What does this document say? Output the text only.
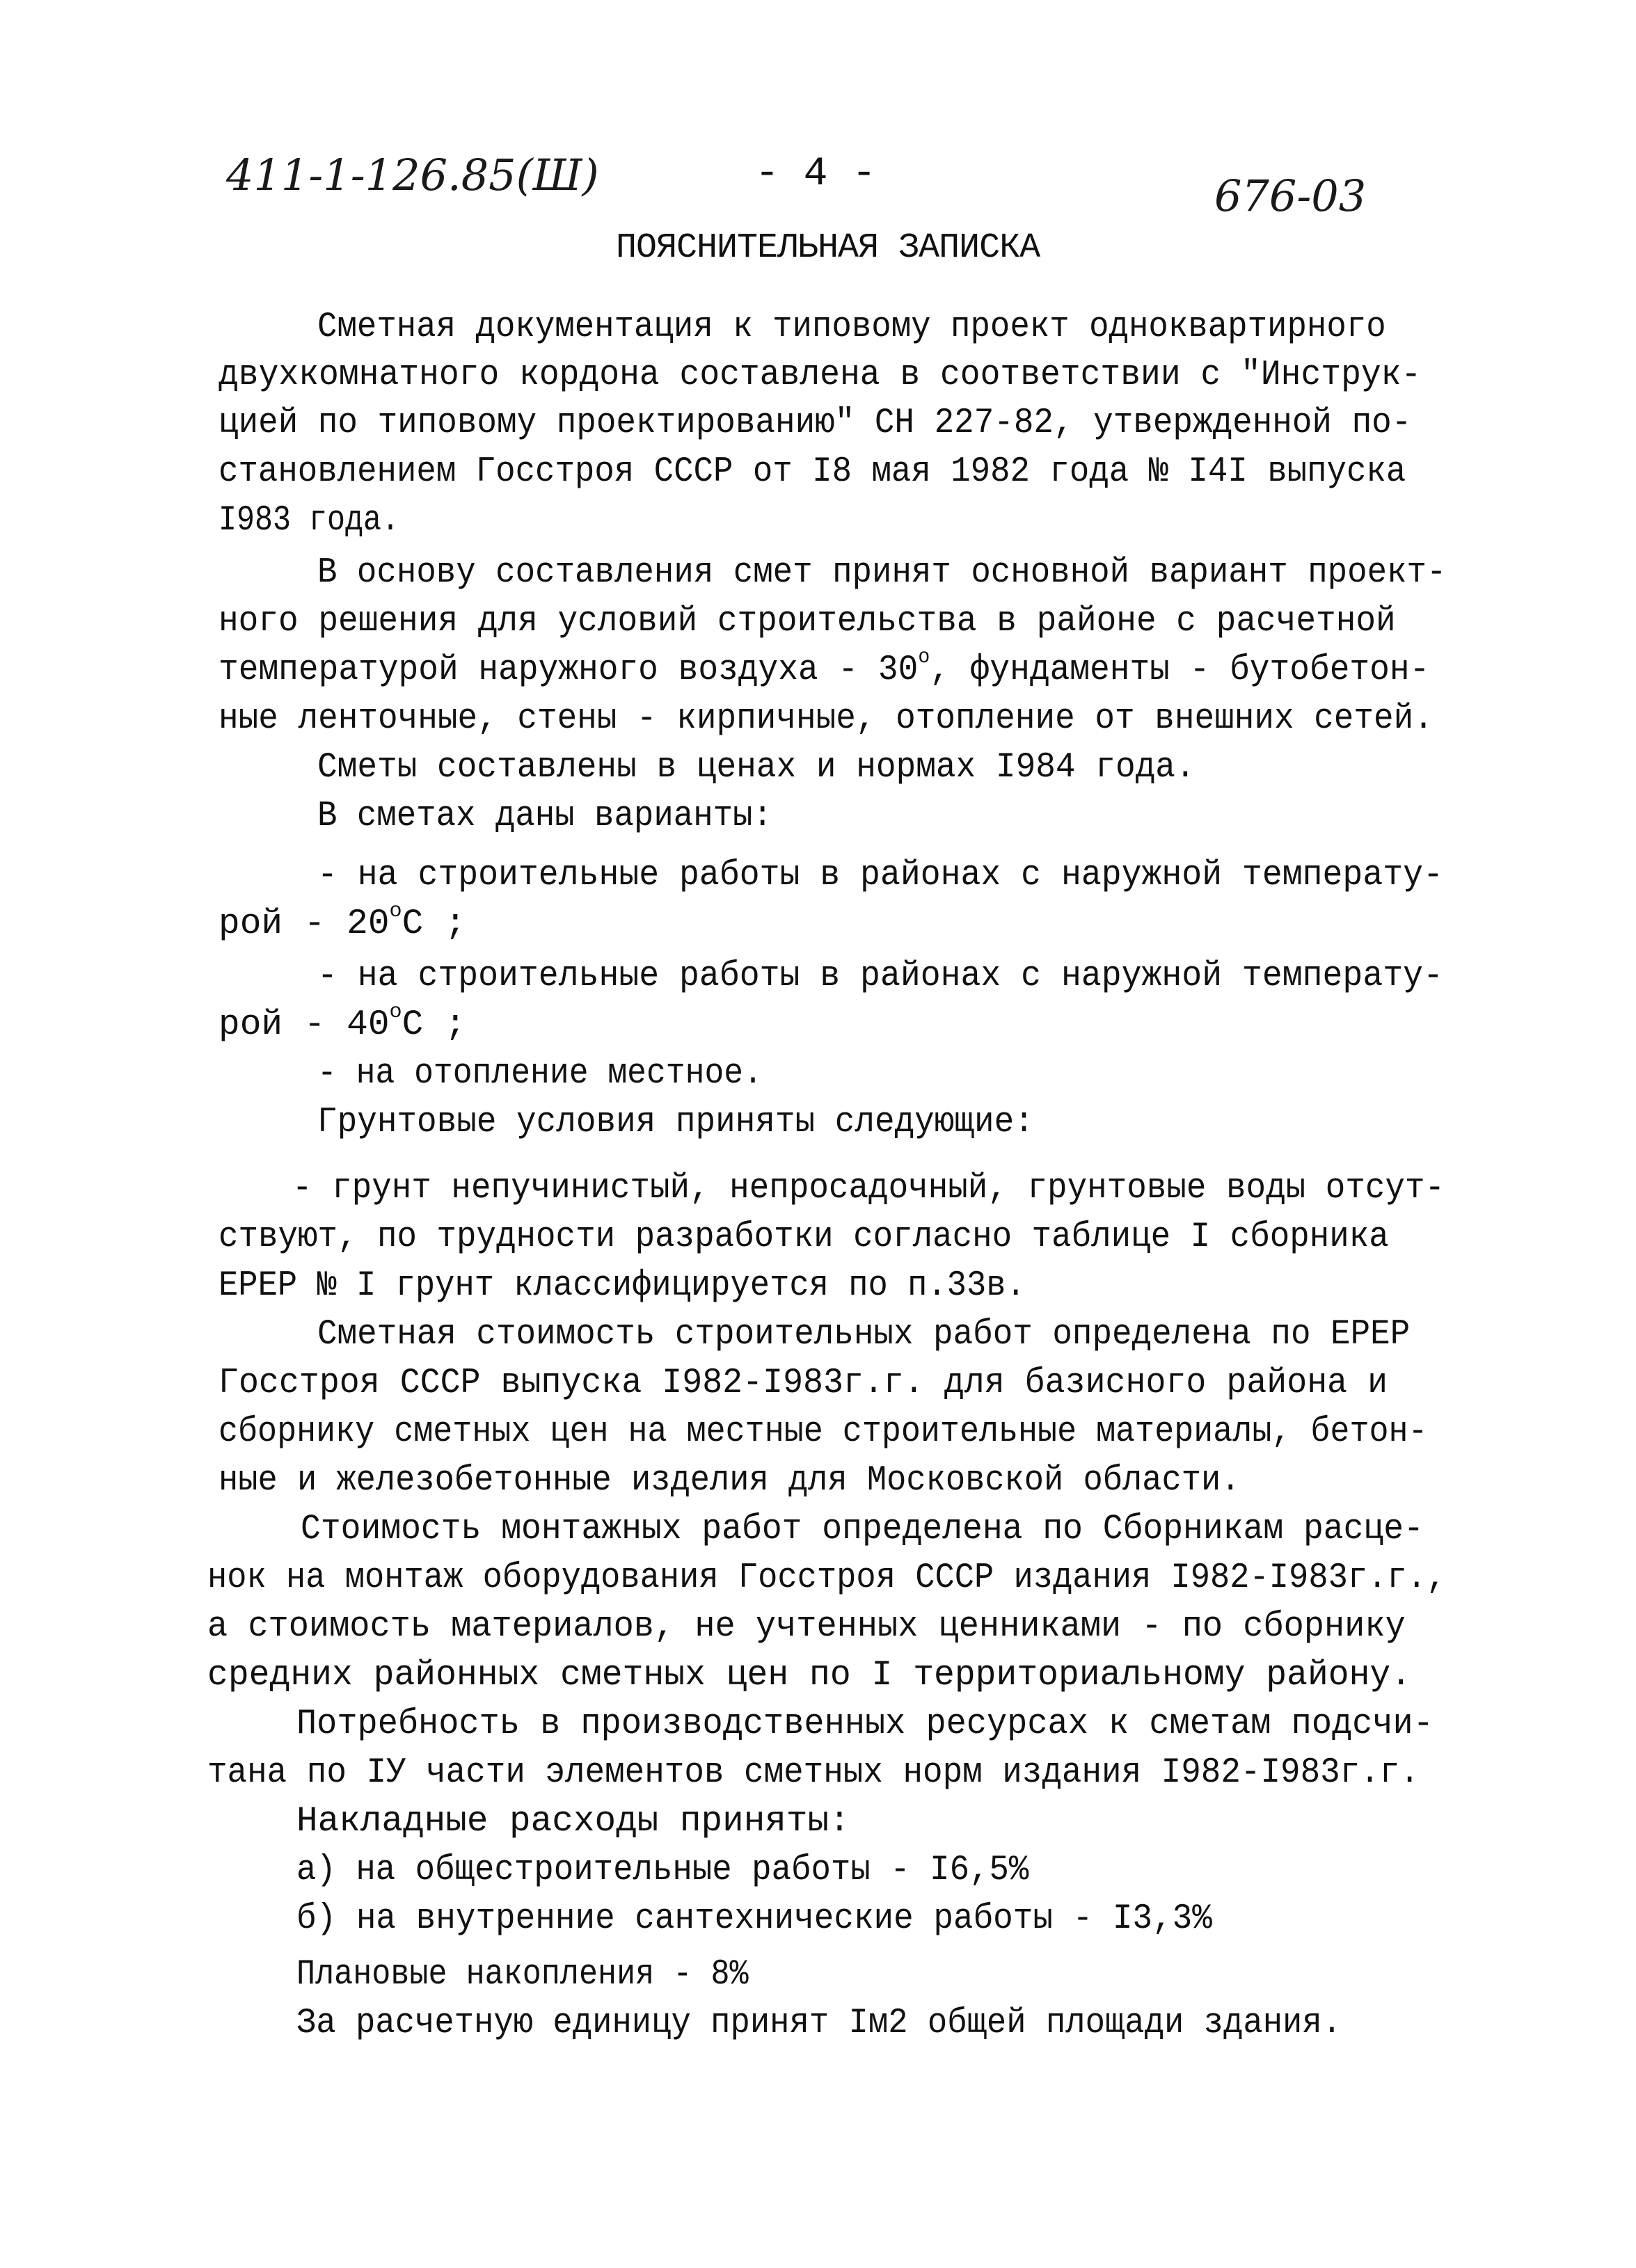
411-1-126.85(Ш)	- 4 -	676-03
ПОЯСНИТЕЛЬНАЯ ЗАПИСКА
Сметная документация к типовому проект одноквартирного
двухкомнатного кордона составлена в соответствии с "Инструк-
цией по типовому проектированию" СН 227-82, утвержденной по-
становлением Госстроя СССР от I8 мая 1982 года № I4I выпуска
I983 года.
В основу составления смет принят основной вариант проект-
ного решения для условий строительства в районе с расчетной
температурой наружного воздуха - 30$^o$, фундаменты - бутобетон-
ные ленточные, стены - кирпичные, отопление от внешних сетей.
Сметы составлены в ценах и нормах I984 года.
В сметах даны варианты:
- на строительные работы в районах с наружной температу-
рой - 20$^o$С ;
- на строительные работы в районах с наружной температу-
рой - 40$^o$С ;
- на отопление местное.
Грунтовые условия приняты следующие:
- грунт непучинистый, непросадочный, грунтовые воды отсут-
ствуют, по трудности разработки согласно таблице I сборника
ЕРЕР № I грунт классифицируется по п.33в.
Сметная стоимость строительных работ определена по ЕРЕР
Госстроя СССР выпуска I982-I983г.г. для базисного района и
сборнику сметных цен на местные строительные материалы, бетон-
ные и железобетонные изделия для Московской области.
Стоимость монтажных работ определена по Сборникам расце-
нок на монтаж оборудования Госстроя СССР издания I982-I983г.г.,
а стоимость материалов, не учтенных ценниками - по сборнику
средних районных сметных цен по I территориальному району.
Потребность в производственных ресурсах к сметам подсчи-
тана по IУ части элементов сметных норм издания I982-I983г.г.
Накладные расходы приняты:
а) на общестроительные работы - I6,5%
б) на внутренние сантехнические работы - I3,3%
Плановые накопления - 8%
За расчетную единицу принят Iм2 общей площади здания.
